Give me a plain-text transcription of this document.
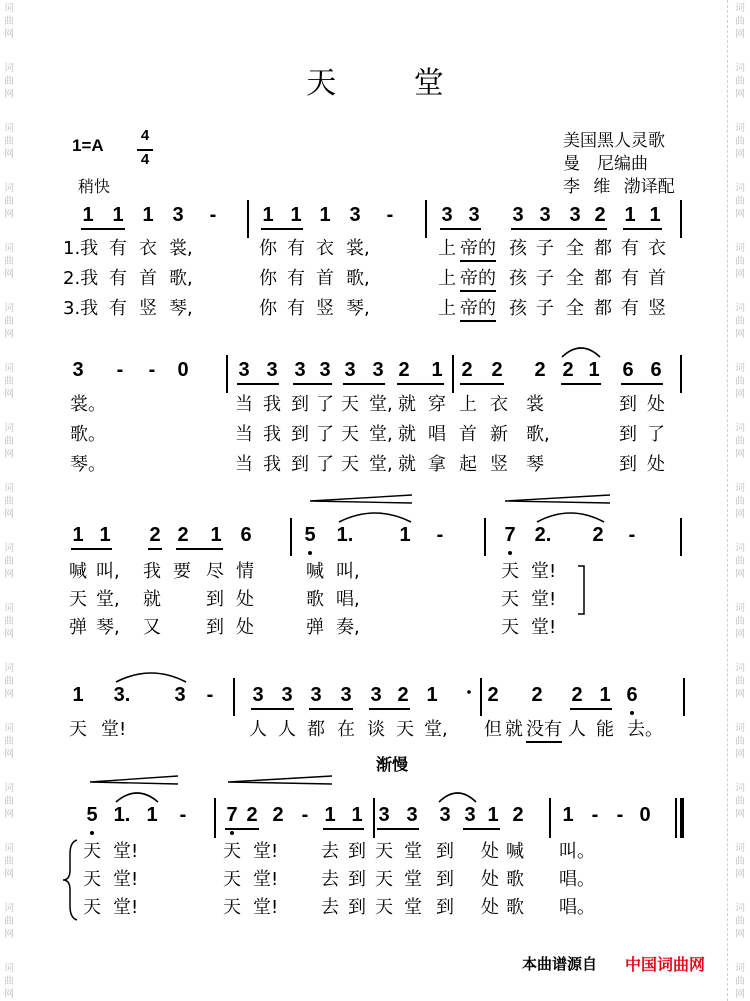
天 堂
1=A
4
4
稍快
美国黑人灵歌
曼　尼编曲
李 维 渤译配
渐慢
本曲谱源自 中国词曲网
词曲网
词曲网
词曲网
词曲网
词曲网
词曲网
词曲网
词曲网
词曲网
词曲网
词曲网
词曲网
词曲网
词曲网
词曲网
词曲网
词曲网
词曲网
词曲网
词曲网
词曲网
词曲网
词曲网
词曲网
词曲网
词曲网
词曲网
词曲网
词曲网
词曲网
词曲网
词曲网
词曲网
词曲网
1 1 1 3 - 1 1 1 3 - 3 3 3 3 3 2 1 1
1.我 有 衣 裳,	你 有 衣 裳,	上 帝的 孩 子 全 都 有 衣
2.我 有 首 歌,	你 有 首 歌,	上 帝的 孩 子 全 都 有 首
3.我 有 竖 琴,	你 有 竖 琴,	上 帝的 孩 子 全 都 有 竖
3 - - 0 3 3 3 3 3 3 2 1 2 2 2 2 1 6 6
裳。	当 我 到 了 天 堂, 就 穿 上 衣 裳	到 处
歌。	当 我 到 了 天 堂, 就 唱 首 新 歌,	到 了
琴。	当 我 到 了 天 堂, 就 拿 起 竖 琴	到 处
1 1 2 2 1 6	5 1. 1 -	7 2. 2 -
喊 叫, 我 要 尽 情	喊 叫,	天 堂!
天 堂, 就	到 处	歌 唱,	天 堂!
弹 琴, 又	到 处	弹 奏,	天 堂!
1 3. 3 - 3 3 3 3 3 2 1 2 2 2 1 6
天 堂!	人 人 都 在 谈 天 堂, 但 就 没有 人 能 去。
5 1. 1 - 7 2 2 - 1 1 3 3 3 3 1 2 1 - - 0
天 堂!	天 堂! 去 到 天 堂 到 处 喊 叫。
天 堂!	天 堂! 去 到 天 堂 到 处 歌 唱。
天 堂!	天 堂! 去 到 天 堂 到 处 歌 唱。
